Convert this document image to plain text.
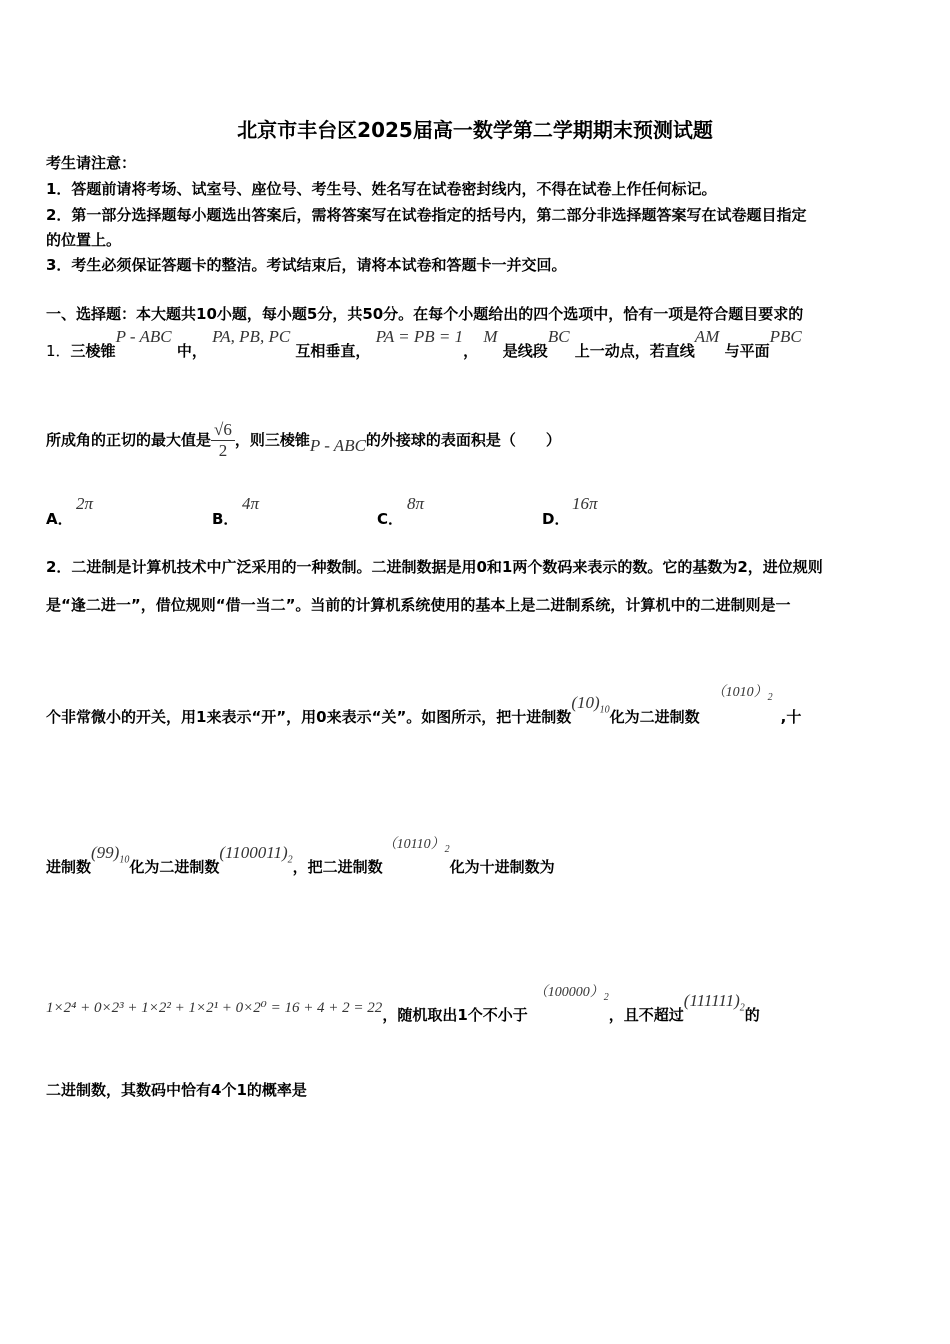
北京市丰台区2025届高一数学第二学期期末预测试题
考生请注意：
1．答题前请将考场、试室号、座位号、考生号、姓名写在试卷密封线内，不得在试卷上作任何标记。
2．第一部分选择题每小题选出答案后，需将答案写在试卷指定的括号内，第二部分非选择题答案写在试卷题目指定
的位置上。
3．考生必须保证答题卡的整洁。考试结束后，请将本试卷和答题卡一并交回。
一、选择题：本大题共10小题，每小题5分，共50分。在每个小题给出的四个选项中，恰有一项是符合题目要求的
1．三棱锥P - ABC 中， PA, PB, PC 互相垂直， PA = PB = 1， M 是线段BC 上一动点，若直线AM 与平面PBC
所成角的正切的最大值是 $\frac{√6}{2}$ ，则三棱锥P - ABC的外接球的表面积是（　　）
A．
2π
B．
4π
C．
8π
D．
16π
2．二进制是计算机技术中广泛采用的一种数制。二进制数据是用0和1两个数码来表示的数。它的基数为2，进位规则
是“逢二进一”，借位规则“借一当二”。当前的计算机系统使用的基本上是二进制系统，计算机中的二进制则是一
个非常微小的开关，用1来表示“开”，用0来表示“关”。如图所示，把十进制数$(10)_{10}$化为二进制数$(1010)_2$,十
进制数$(99)_{10}$化为二进制数$(1100011)_2$，把二进制数$(10110)_2$化为十进制数为
1×2⁴ + 0×2³ + 1×2² + 1×2¹ + 0×2⁰ = 16 + 4 + 2 = 22，随机取出1个不小于$(100000)_2$，且不超过$(111111)_2$的
二进制数，其数码中恰有4个1的概率是
